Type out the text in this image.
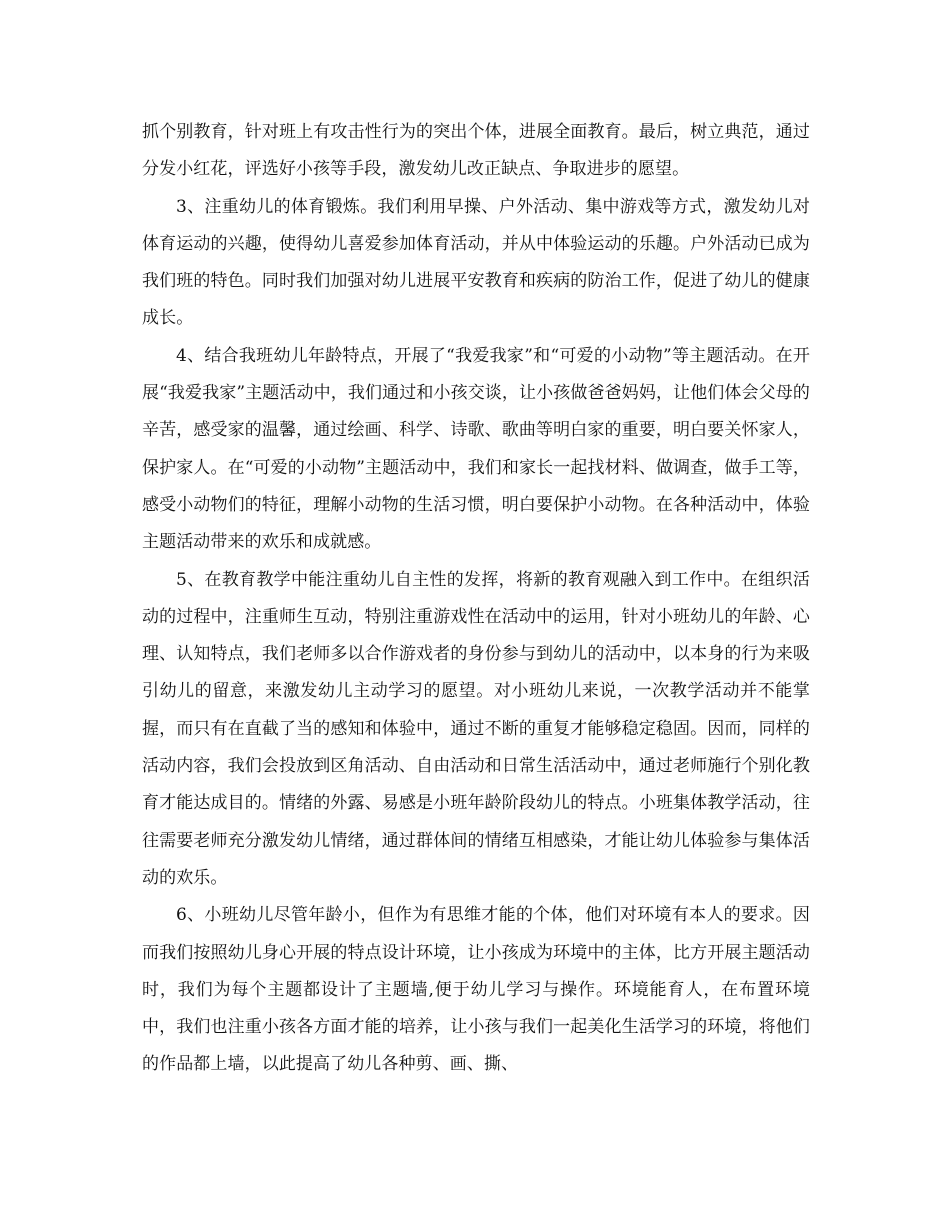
抓个别教育，针对班上有攻击性行为的突出个体，进展全面教育。最后，树立典范，通过分发小红花，评选好小孩等手段，激发幼儿改正缺点、争取进步的愿望。

3、注重幼儿的体育锻炼。我们利用早操、户外活动、集中游戏等方式，激发幼儿对体育运动的兴趣，使得幼儿喜爱参加体育活动，并从中体验运动的乐趣。户外活动已成为我们班的特色。同时我们加强对幼儿进展平安教育和疾病的防治工作，促进了幼儿的健康成长。

4、结合我班幼儿年龄特点，开展了“我爱我家”和“可爱的小动物”等主题活动。在开展“我爱我家”主题活动中，我们通过和小孩交谈，让小孩做爸爸妈妈，让他们体会父母的辛苦，感受家的温馨，通过绘画、科学、诗歌、歌曲等明白家的重要，明白要关怀家人，保护家人。在“可爱的小动物”主题活动中，我们和家长一起找材料、做调查，做手工等，感受小动物们的特征，理解小动物的生活习惯，明白要保护小动物。在各种活动中，体验主题活动带来的欢乐和成就感。

5、在教育教学中能注重幼儿自主性的发挥，将新的教育观融入到工作中。在组织活动的过程中，注重师生互动，特别注重游戏性在活动中的运用，针对小班幼儿的年龄、心理、认知特点，我们老师多以合作游戏者的身份参与到幼儿的活动中，以本身的行为来吸引幼儿的留意，来激发幼儿主动学习的愿望。对小班幼儿来说，一次教学活动并不能掌握，而只有在直截了当的感知和体验中，通过不断的重复才能够稳定稳固。因而，同样的活动内容，我们会投放到区角活动、自由活动和日常生活活动中，通过老师施行个别化教育才能达成目的。情绪的外露、易感是小班年龄阶段幼儿的特点。小班集体教学活动，往往需要老师充分激发幼儿情绪，通过群体间的情绪互相感染，才能让幼儿体验参与集体活动的欢乐。

6、小班幼儿尽管年龄小，但作为有思维才能的个体，他们对环境有本人的要求。因而我们按照幼儿身心开展的特点设计环境，让小孩成为环境中的主体，比方开展主题活动时，我们为每个主题都设计了主题墙,便于幼儿学习与操作。环境能育人，在布置环境中，我们也注重小孩各方面才能的培养，让小孩与我们一起美化生活学习的环境，将他们的作品都上墙，以此提高了幼儿各种剪、画、撕、
